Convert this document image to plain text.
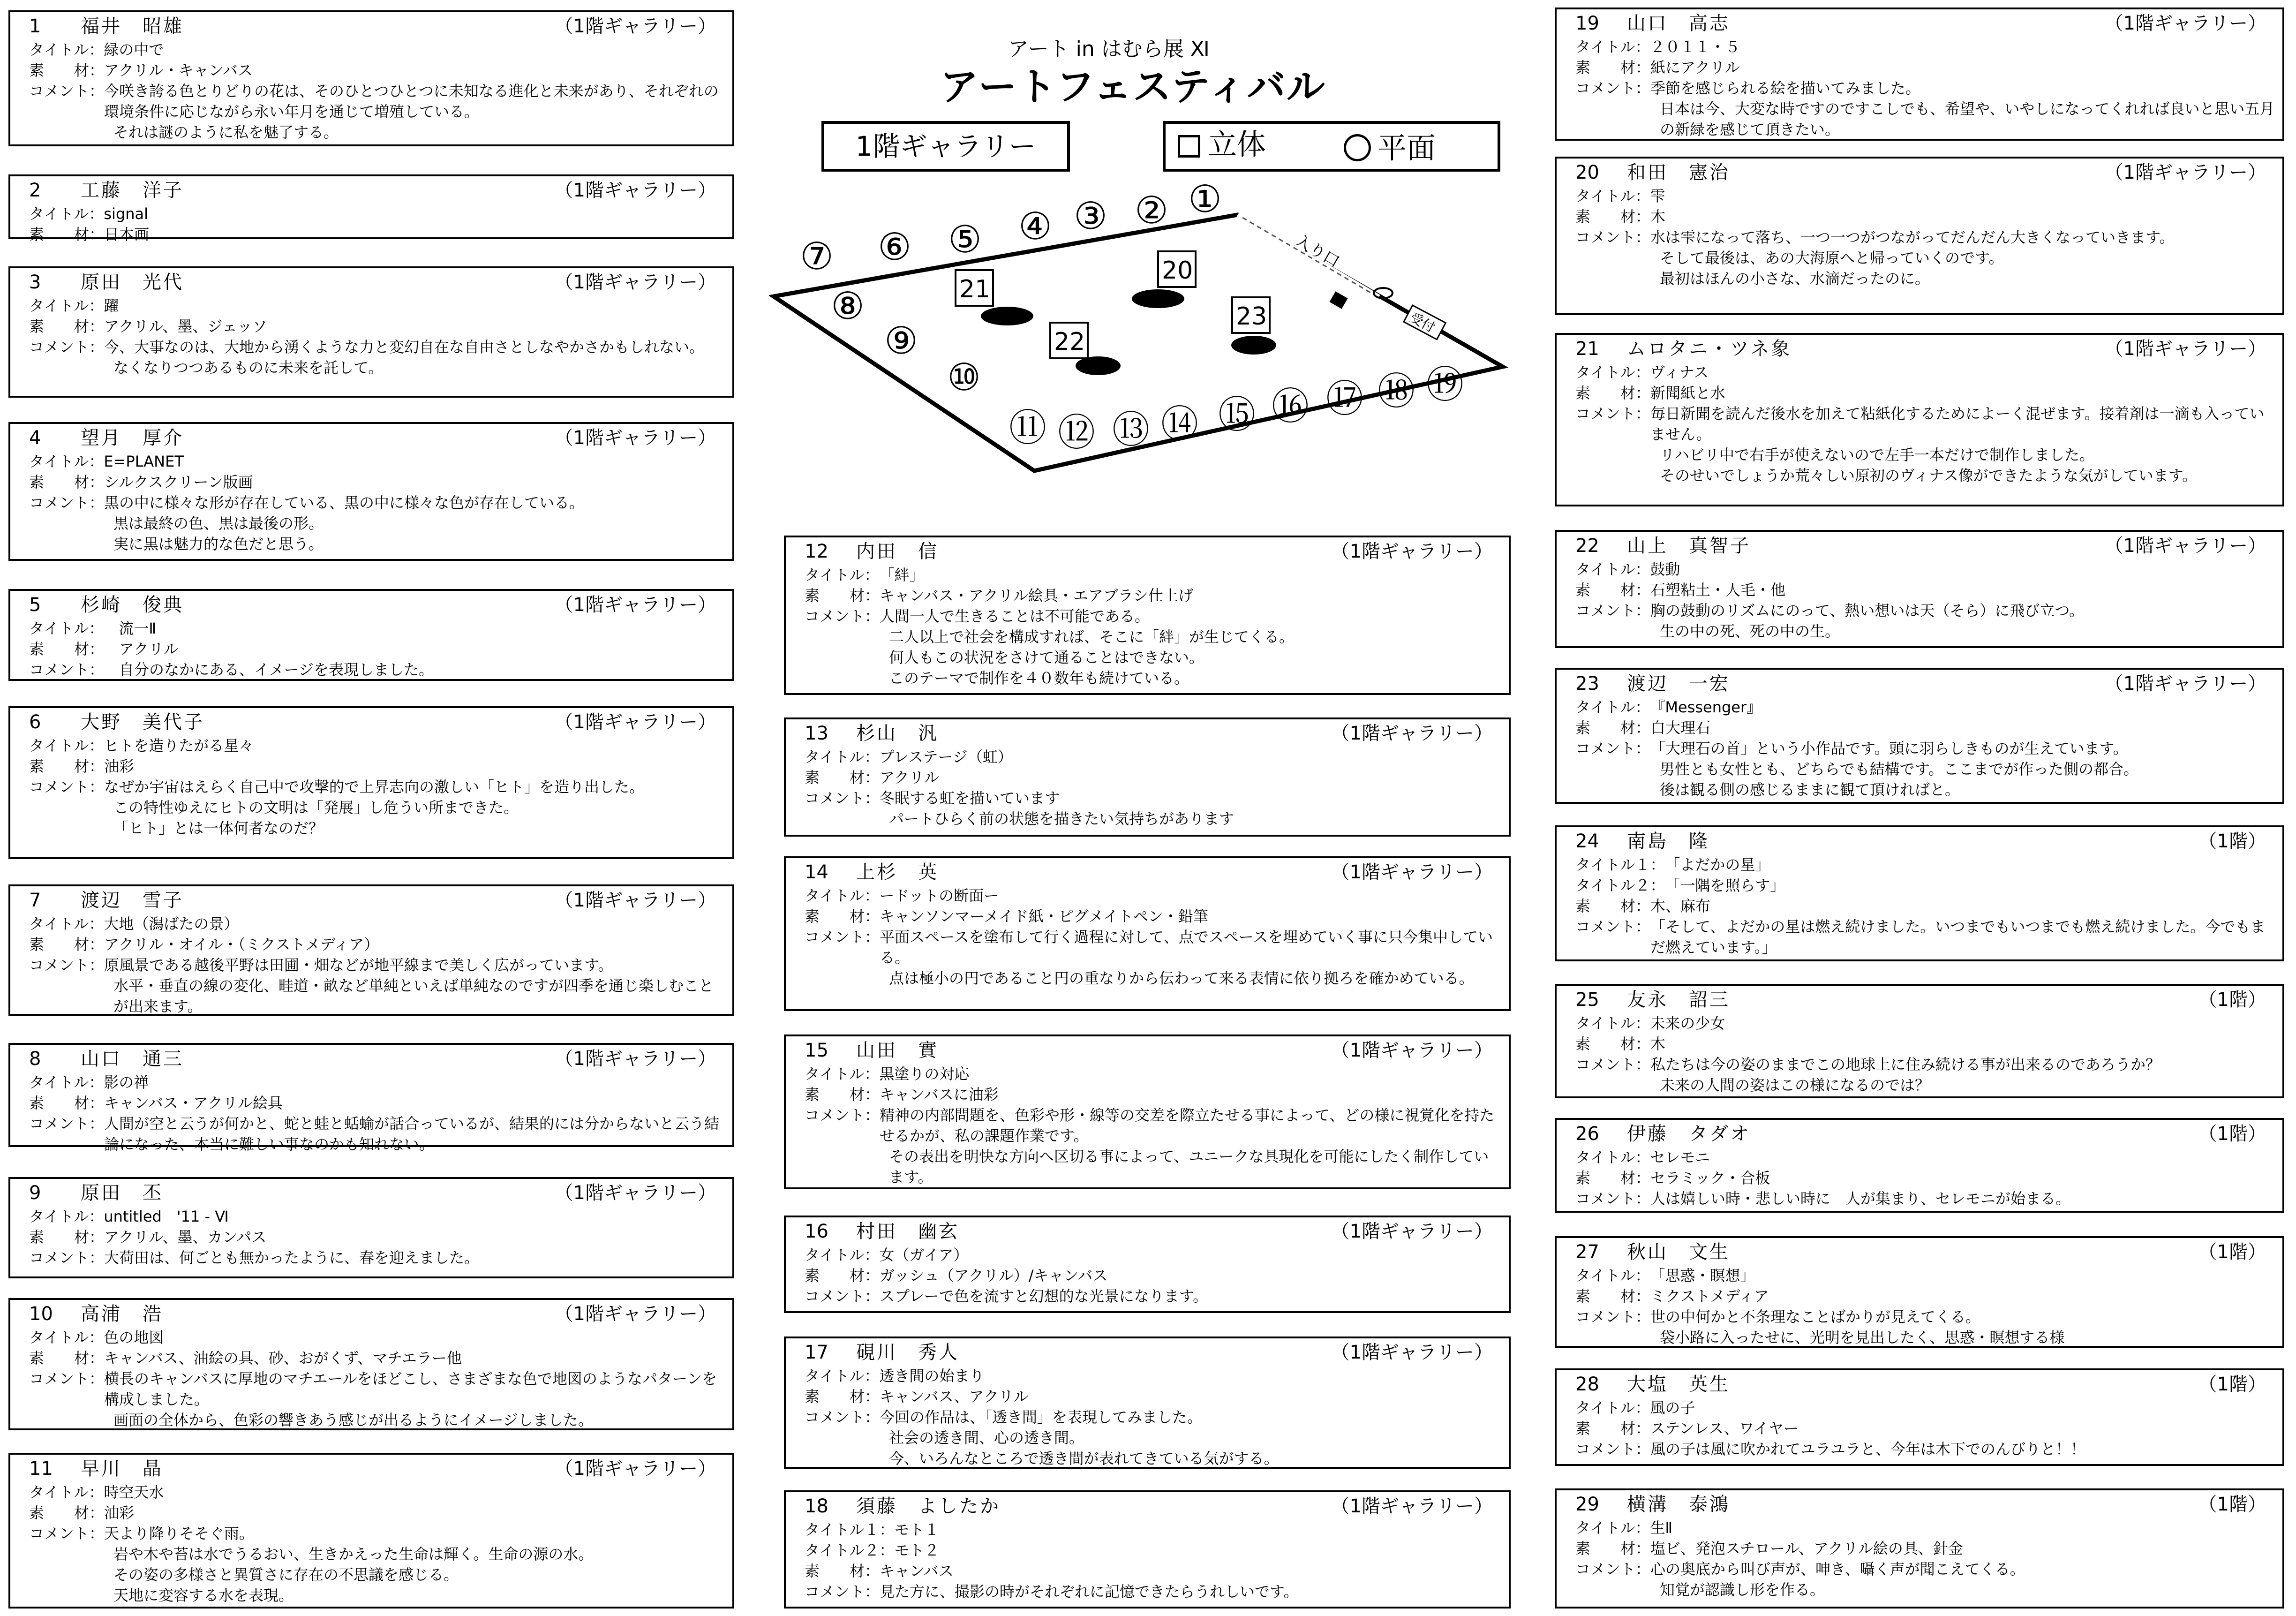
アート in はむら展 Ⅺ
アートフェスティバル
1階ギャラリー	立体	平面
入り口
受付
21
20
22
23
①
②
③
④
⑤
⑥
⑦
⑧
⑨
⑩
⑪ ⑫ ⑬ ⑭ ⑮ ⑯ ⑰ ⑱ ⑲
1 福井　昭雄	（1階ギャラリー）
タイトル： 緑の中で
素　　材： アクリル・キャンバス
コメント： 今咲き誇る色とりどりの花は、そのひとつひとつに未知なる進化と未来があり、それぞれの環境条件に応じながら永い年月を通じて増殖している。
それは謎のように私を魅了する。
2 工藤　洋子	（1階ギャラリー）
タイトル： signal
素　　材： 日本画
3 原田　光代	（1階ギャラリー）
タイトル： 躍
素　　材： アクリル、墨、ジェッソ
コメント： 今、大事なのは、大地から湧くような力と変幻自在な自由さとしなやかさかもしれない。
なくなりつつあるものに未来を託して。
4 望月　厚介	（1階ギャラリー）
タイトル： E=PLANET
素　　材： シルクスクリーン版画
コメント： 黒の中に様々な形が存在している、黒の中に様々な色が存在している。
黒は最終の色、黒は最後の形。
実に黒は魅力的な色だと思う。
5 杉崎　俊典	（1階ギャラリー）
タイトル： 　流一Ⅱ
素　　材： 　アクリル
コメント： 　自分のなかにある、イメージを表現しました。
6 大野　美代子	（1階ギャラリー）
タイトル： ヒトを造りたがる星々
素　　材： 油彩
コメント： なぜか宇宙はえらく自己中で攻撃的で上昇志向の激しい「ヒト」を造り出した。
この特性ゆえにヒトの文明は「発展」し危うい所まできた。
「ヒト」とは一体何者なのだ？
7 渡辺　雪子	（1階ギャラリー）
タイトル： 大地（潟ばたの景）
素　　材： アクリル・オイル・（ミクストメディア）
コメント： 原風景である越後平野は田圃・畑などが地平線まで美しく広がっています。
水平・垂直の線の変化、畦道・畝など単純といえば単純なのですが四季を通じ楽しむことが出来ます。
8 山口　通三	（1階ギャラリー）
タイトル： 影の禅
素　　材： キャンバス・アクリル絵具
コメント： 人間が空と云うが何かと、蛇と蛙と蛞蝓が話合っているが、結果的には分からないと云う結論になった、本当に難しい事なのかも知れない。
9 原田　丕	（1階ギャラリー）
タイトル： untitled　'11 - Ⅵ
素　　材： アクリル、墨、カンパス
コメント： 大荷田は、何ごとも無かったように、春を迎えました。
10 高浦　浩	（1階ギャラリー）
タイトル： 色の地図
素　　材： キャンバス、油絵の具、砂、おがくず、マチエラー他
コメント： 横長のキャンバスに厚地のマチエールをほどこし、さまざまな色で地図のようなパターンを構成しました。
画面の全体から、色彩の響きあう感じが出るようにイメージしました。
11 早川　晶	（1階ギャラリー）
タイトル： 時空天水
素　　材： 油彩
コメント： 天より降りそそぐ雨。
岩や木や苔は水でうるおい、生きかえった生命は輝く。生命の源の水。
その姿の多様さと異質さに存在の不思議を感じる。
天地に変容する水を表現。
12 内田　信	（1階ギャラリー）
タイトル： 「絆」
素　　材： キャンバス・アクリル絵具・エアブラシ仕上げ
コメント： 人間一人で生きることは不可能である。
二人以上で社会を構成すれば、そこに「絆」が生じてくる。
何人もこの状況をさけて通ることはできない。
このテーマで制作を４０数年も続けている。
13 杉山　汎	（1階ギャラリー）
タイトル： プレステージ（虹）
素　　材： アクリル
コメント： 冬眠する虹を描いています
パートひらく前の状態を描きたい気持ちがあります
14 上杉　英	（1階ギャラリー）
タイトル： ードットの断面ー
素　　材： キャンソンマーメイド紙・ピグメイトペン・鉛筆
コメント： 平面スペースを塗布して行く過程に対して、点でスペースを埋めていく事に只今集中している。
点は極小の円であること円の重なりから伝わって来る表情に依り拠ろを確かめている。
15 山田　實	（1階ギャラリー）
タイトル： 黒塗りの対応
素　　材： キャンバスに油彩
コメント： 精神の内部問題を、色彩や形・線等の交差を際立たせる事によって、どの様に視覚化を持たせるかが、私の課題作業です。
その表出を明快な方向へ区切る事によって、ユニークな具現化を可能にしたく制作しています。
16 村田　幽玄	（1階ギャラリー）
タイトル： 女（ガイア）
素　　材： ガッシュ（アクリル）/キャンバス
コメント： スプレーで色を流すと幻想的な光景になります。
17 硯川　秀人	（1階ギャラリー）
タイトル： 透き間の始まり
素　　材： キャンバス、アクリル
コメント： 今回の作品は、「透き間」を表現してみました。
社会の透き間、心の透き間。
今、いろんなところで透き間が表れてきている気がする。
18 須藤　よしたか	（1階ギャラリー）
タイトル１： モト１
タイトル２： モト２
素　　材： キャンバス
コメント： 見た方に、撮影の時がそれぞれに記憶できたらうれしいです。
19 山口　高志	（1階ギャラリー）
タイトル： ２０１１・５
素　　材： 紙にアクリル
コメント： 季節を感じられる絵を描いてみました。
日本は今、大変な時ですのですこしでも、希望や、いやしになってくれれば良いと思い五月の新緑を感じて頂きたい。
20 和田　憲治	（1階ギャラリー）
タイトル： 雫
素　　材： 木
コメント： 水は雫になって落ち、一つ一つがつながってだんだん大きくなっていきます。
そして最後は、あの大海原へと帰っていくのです。
最初はほんの小さな、水滴だったのに。
21 ムロタニ・ツネ象	（1階ギャラリー）
タイトル： ヴィナス
素　　材： 新聞紙と水
コメント： 毎日新聞を読んだ後水を加えて粘紙化するためによーく混ぜます。接着剤は一滴も入っていません。
リハビリ中で右手が使えないので左手一本だけで制作しました。
そのせいでしょうか荒々しい原初のヴィナス像ができたような気がしています。
22 山上　真智子	（1階ギャラリー）
タイトル： 鼓動
素　　材： 石塑粘土・人毛・他
コメント： 胸の鼓動のリズムにのって、熱い想いは天（そら）に飛び立つ。
生の中の死、死の中の生。
23 渡辺　一宏	（1階ギャラリー）
タイトル： 『Messenger』
素　　材： 白大理石
コメント： 「大理石の首」という小作品です。頭に羽らしきものが生えています。
男性とも女性とも、どちらでも結構です。ここまでが作った側の都合。
後は観る側の感じるままに観て頂ければと。
24 南島　隆	（1階）
タイトル１： 「よだかの星」
タイトル２： 「一隅を照らす」
素　　材： 木、麻布
コメント： 「そして、よだかの星は燃え続けました。いつまでもいつまでも燃え続けました。今でもまだ燃えています。」
25 友永　詔三	（1階）
タイトル： 未来の少女
素　　材： 木
コメント： 私たちは今の姿のままでこの地球上に住み続ける事が出来るのであろうか？
未来の人間の姿はこの様になるのでは？
26 伊藤　タダオ	（1階）
タイトル： セレモニ
素　　材： セラミック・合板
コメント： 人は嬉しい時・悲しい時に　人が集まり、セレモニが始まる。
27 秋山　文生	（1階）
タイトル： 「思惑・瞑想」
素　　材： ミクストメディア
コメント： 世の中何かと不条理なことばかりが見えてくる。
袋小路に入ったせに、光明を見出したく、思惑・瞑想する様
28 大塩　英生	（1階）
タイトル： 風の子
素　　材： ステンレス、ワイヤー
コメント： 風の子は風に吹かれてユラユラと、今年は木下でのんびりと！！
29 横溝　泰鴻	（1階）
タイトル： 生Ⅱ
素　　材： 塩ビ、発泡スチロール、アクリル絵の具、針金
コメント： 心の奥底から叫び声が、呻き、囁く声が聞こえてくる。
知覚が認識し形を作る。
